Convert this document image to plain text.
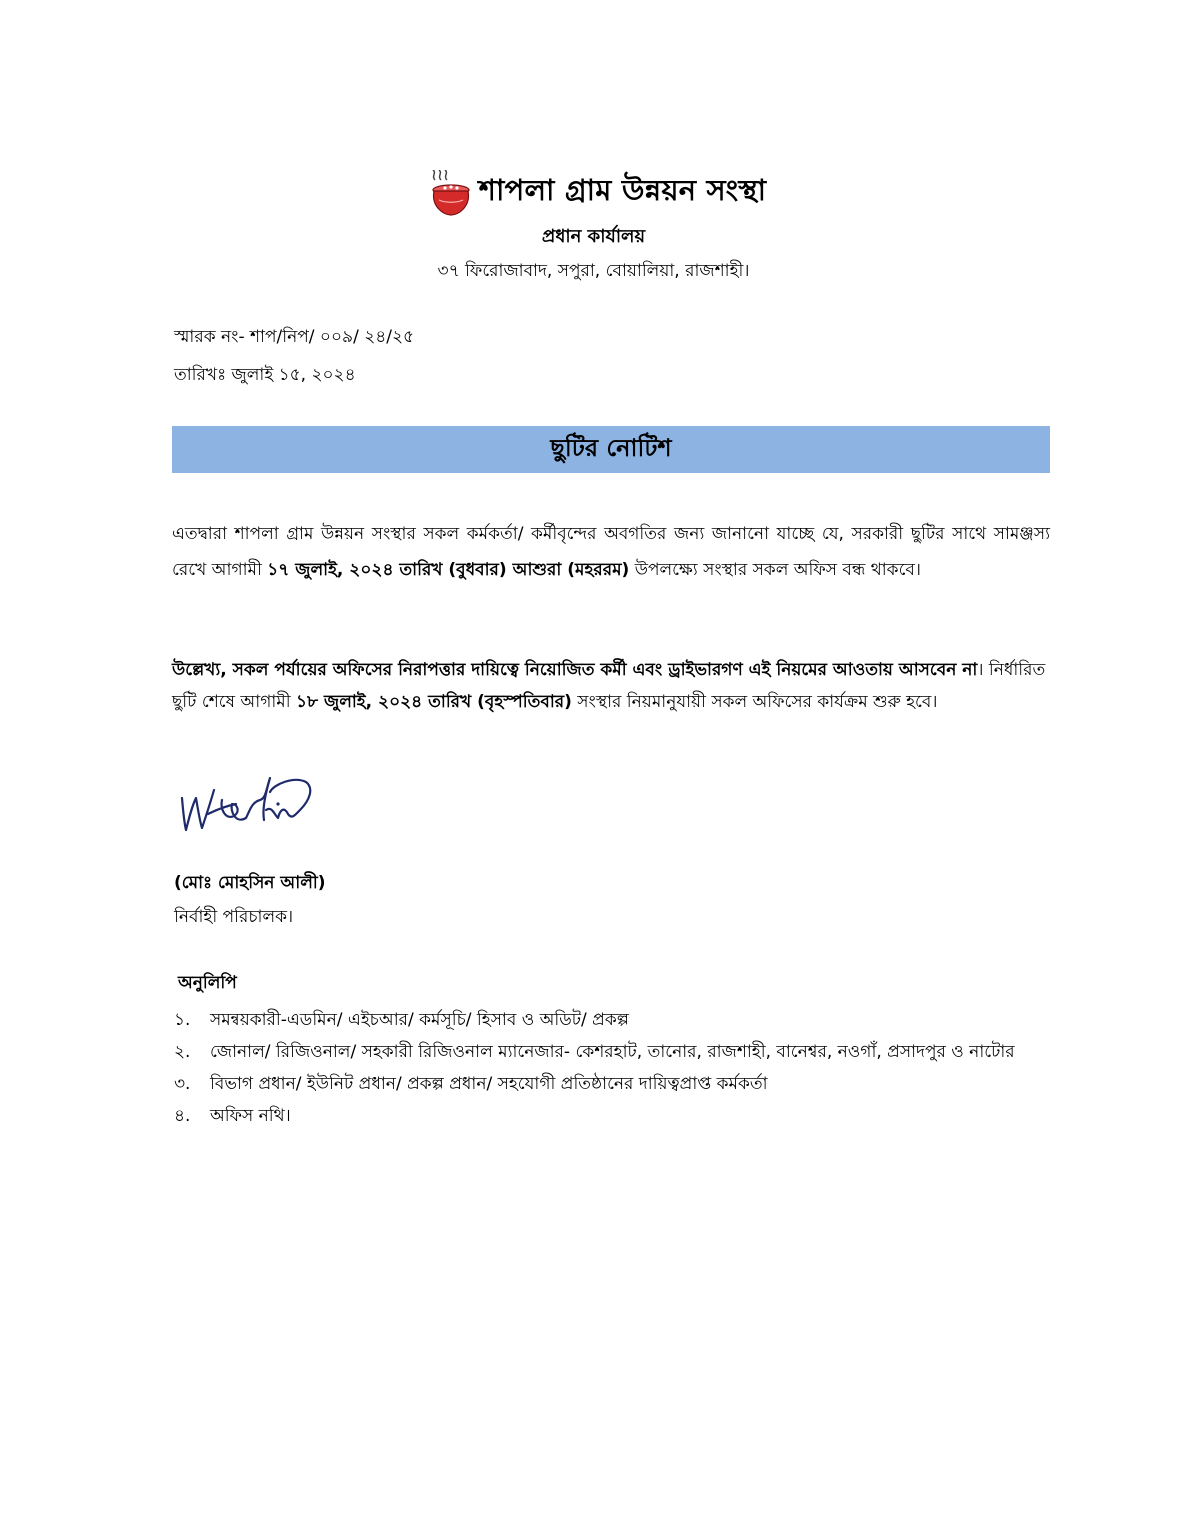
শাপলা গ্রাম উন্নয়ন সংস্থা
প্রধান কার্যালয়
৩৭ ফিরোজাবাদ, সপুরা, বোয়ালিয়া, রাজশাহী।
স্মারক নং- শাপ/নিপ/ ০০৯/ ২৪/২৫
তারিখঃ জুলাই ১৫, ২০২৪
ছুটির নোটিশ

এতদ্বারা শাপলা গ্রাম উন্নয়ন সংস্থার সকল কর্মকর্তা/ কর্মীবৃন্দের অবগতির জন্য জানানো যাচ্ছে যে, সরকারী ছুটির সাথে সামঞ্জস্য রেখে আগামী ১৭ জুলাই, ২০২৪ তারিখ (বুধবার) আশুরা (মহররম) উপলক্ষ্যে সংস্থার সকল অফিস বন্ধ থাকবে।

উল্লেখ্য, সকল পর্যায়ের অফিসের নিরাপত্তার দায়িত্বে নিয়োজিত কর্মী এবং ড্রাইভারগণ এই নিয়মের আওতায় আসবেন না। নির্ধারিত ছুটি শেষে আগামী ১৮ জুলাই, ২০২৪ তারিখ (বৃহস্পতিবার) সংস্থার নিয়মানুযায়ী সকল অফিসের কার্যক্রম শুরু হবে।

(মোঃ মোহসিন আলী)
নির্বাহী পরিচালক।
অনুলিপি
১.	সমন্বয়কারী-এডমিন/ এইচআর/ কর্মসূচি/ হিসাব ও অডিট/ প্রকল্প
২.	জোনাল/ রিজিওনাল/ সহকারী রিজিওনাল ম্যানেজার- কেশরহাট, তানোর, রাজশাহী, বানেশ্বর, নওগাঁ, প্রসাদপুর ও নাটোর
৩.	বিভাগ প্রধান/ ইউনিট প্রধান/ প্রকল্প প্রধান/ সহযোগী প্রতিষ্ঠানের দায়িত্বপ্রাপ্ত কর্মকর্তা
৪.	অফিস নথি।
